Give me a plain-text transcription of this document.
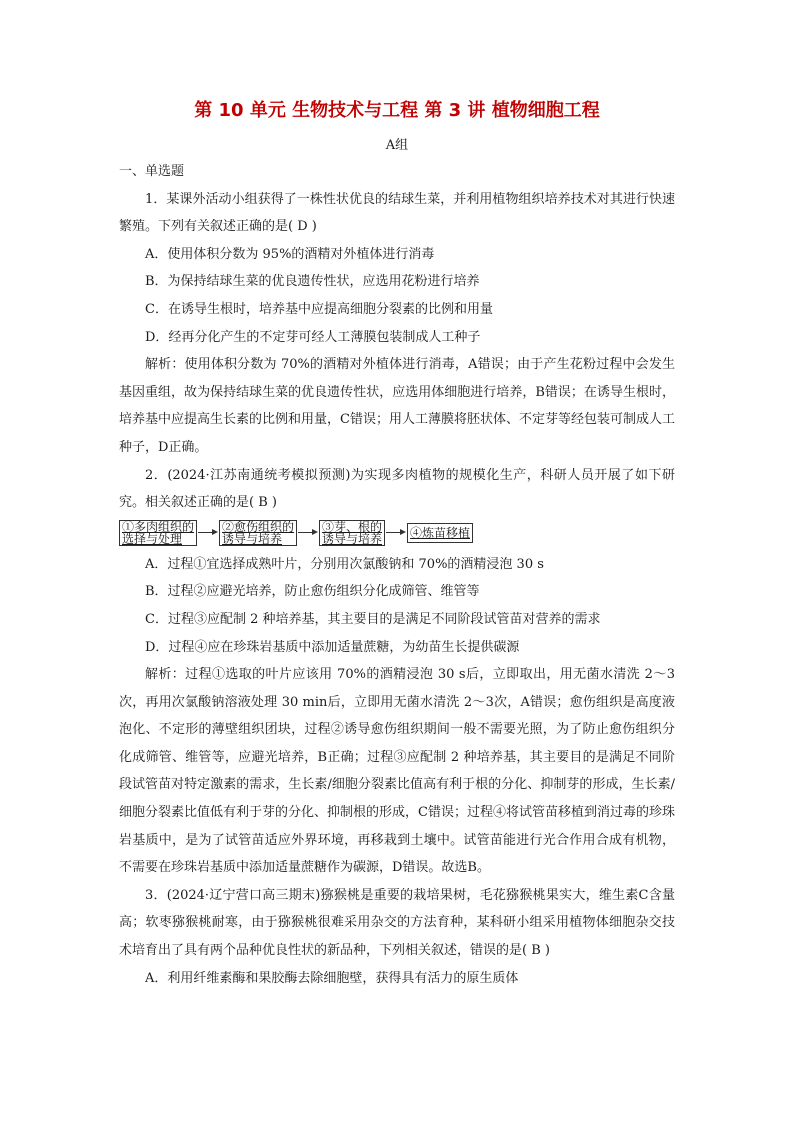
第 10 单元 生物技术与工程 第 3 讲 植物细胞工程
A组

一、单选题

1．某课外活动小组获得了一株性状优良的结球生菜，并利用植物组织培养技术对其进行快速繁殖。下列有关叙述正确的是( D )

A．使用体积分数为 95%的酒精对外植体进行消毒

B．为保持结球生菜的优良遗传性状，应选用花粉进行培养

C．在诱导生根时，培养基中应提高细胞分裂素的比例和用量

D．经再分化产生的不定芽可经人工薄膜包装制成人工种子

解析：使用体积分数为 70%的酒精对外植体进行消毒，A错误；由于产生花粉过程中会发生基因重组，故为保持结球生菜的优良遗传性状，应选用体细胞进行培养，B错误；在诱导生根时，培养基中应提高生长素的比例和用量，C错误；用人工薄膜将胚状体、不定芽等经包装可制成人工种子，D正确。

2．(2024·江苏南通统考模拟预测)为实现多肉植物的规模化生产，科研人员开展了如下研究。相关叙述正确的是( B )

①多肉组织的
选择与处理
②愈伤组织的
诱导与培养
③芽、根的
诱导与培养 ④炼苗移植

A．过程①宜选择成熟叶片，分别用次氯酸钠和 70%的酒精浸泡 30 s

B．过程②应避光培养，防止愈伤组织分化成筛管、维管等

C．过程③应配制 2 种培养基，其主要目的是满足不同阶段试管苗对营养的需求

D．过程④应在珍珠岩基质中添加适量蔗糖，为幼苗生长提供碳源

解析：过程①选取的叶片应该用 70%的酒精浸泡 30 s后，立即取出，用无菌水清洗 2～3次，再用次氯酸钠溶液处理 30 min后，立即用无菌水清洗 2～3次，A错误；愈伤组织是高度液泡化、不定形的薄壁组织团块，过程②诱导愈伤组织期间一般不需要光照，为了防止愈伤组织分化成筛管、维管等，应避光培养，B正确；过程③应配制 2 种培养基，其主要目的是满足不同阶段试管苗对特定激素的需求，生长素/细胞分裂素比值高有利于根的分化、抑制芽的形成，生长素/细胞分裂素比值低有利于芽的分化、抑制根的形成，C错误；过程④将试管苗移植到消过毒的珍珠岩基质中，是为了试管苗适应外界环境，再移栽到土壤中。试管苗能进行光合作用合成有机物，不需要在珍珠岩基质中添加适量蔗糖作为碳源，D错误。故选B。

3．(2024·辽宁营口高三期末)猕猴桃是重要的栽培果树，毛花猕猴桃果实大，维生素C含量高；软枣猕猴桃耐寒，由于猕猴桃很难采用杂交的方法育种，某科研小组采用植物体细胞杂交技术培育出了具有两个品种优良性状的新品种，下列相关叙述，错误的是( B )

A．利用纤维素酶和果胶酶去除细胞壁，获得具有活力的原生质体
